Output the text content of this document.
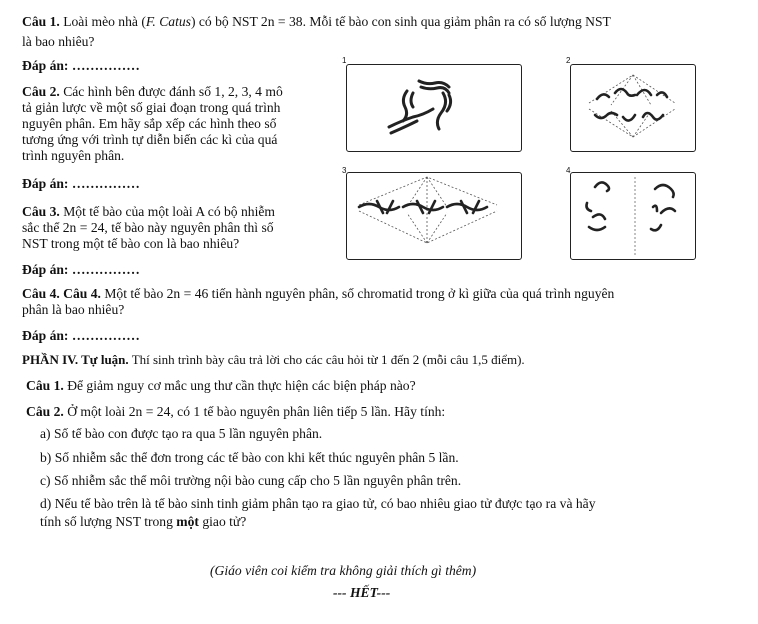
Câu 1. Loài mèo nhà (F. Catus) có bộ NST 2n = 38. Mỗi tế bào con sinh qua giảm phân ra có số lượng NST
là bao nhiêu?
Đáp án: ……………
Câu 2. Các hình bên được đánh số 1, 2, 3, 4 mô
tả giản lược về một số giai đoạn trong quá trình
nguyên phân. Em hãy sắp xếp các hình theo số
tương ứng với trình tự diễn biến các kì của quá
trình nguyên phân.
Đáp án: ……………
Câu 3. Một tế bào của một loài A có bộ nhiễm
sắc thể 2n = 24, tế bào này nguyên phân thì số
NST trong một tế bào con là bao nhiêu?
Đáp án: ……………
Câu 4. Câu 4. Một tế bào 2n = 46 tiến hành nguyên phân, số chromatid trong ở kì giữa của quá trình nguyên
phân là bao nhiêu?
Đáp án: ……………
PHẦN IV. Tự luận. Thí sinh trình bày câu trả lời cho các câu hỏi từ 1 đến 2 (mỗi câu 1,5 điểm).
Câu 1. Để giảm nguy cơ mắc ung thư cần thực hiện các biện pháp nào?
Câu 2. Ở một loài 2n = 24, có 1 tế bào nguyên phân liên tiếp 5 lần. Hãy tính:
a) Số tế bào con được tạo ra qua 5 lần nguyên phân.
b) Số nhiễm sắc thể đơn trong các tế bào con khi kết thúc nguyên phân 5 lần.
c) Số nhiễm sắc thể môi trường nội bào cung cấp cho 5 lần nguyên phân trên.
d) Nếu tế bào trên là tế bào sinh tinh giảm phân tạo ra giao tử, có bao nhiêu giao tử được tạo ra và hãy
tính số lượng NST trong một giao tử?
(Giáo viên coi kiểm tra không giải thích gì thêm)
--- HẾT---
1	2
3	4
